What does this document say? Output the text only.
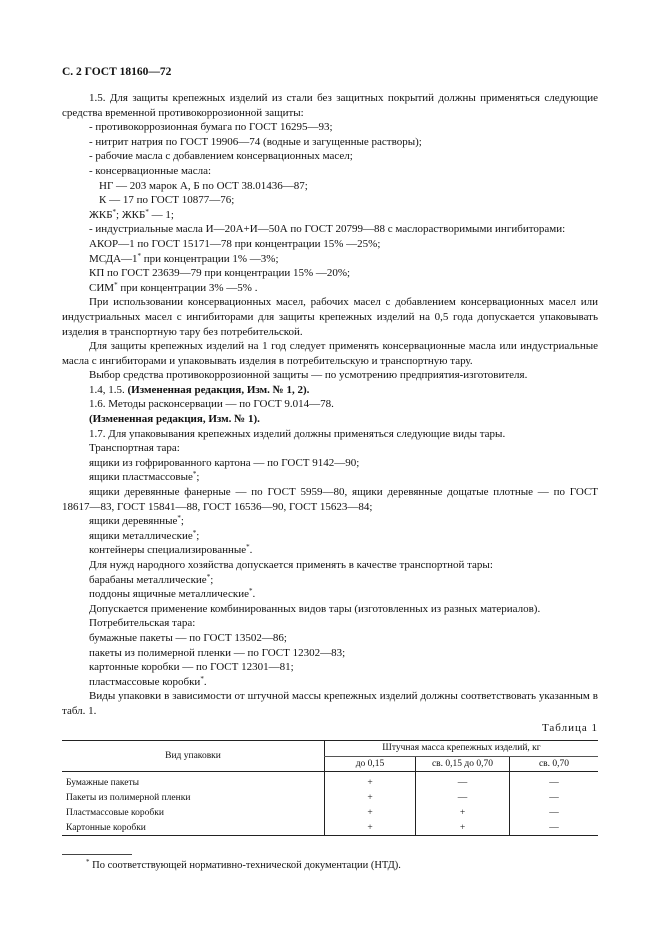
С. 2 ГОСТ 18160—72

1.5. Для защиты крепежных изделий из стали без защитных покрытий должны применяться следующие средства временной противокоррозионной защиты:

- противокоррозионная бумага по ГОСТ 16295—93;

- нитрит натрия по ГОСТ 19906—74 (водные и загущенные растворы);

- рабочие масла с добавлением консервационных масел;

- консервационные масла:

НГ — 203 марок А, Б по ОСТ 38.01436—87;

К — 17 по ГОСТ 10877—76;

ЖКБ*; ЖКБ* — 1;

- индустриальные масла И—20А+И—50А по ГОСТ 20799—88 с маслорастворимыми ингибиторами:

АКОР—1 по ГОСТ 15171—78 при концентрации 15% —25%;

МСДА—1* при концентрации 1% —3%;

КП по ГОСТ 23639—79 при концентрации 15% —20%;

СИМ* при концентрации 3% —5% .

При использовании консервационных масел, рабочих масел с добавлением консервационных масел или индустриальных масел с ингибиторами для защиты крепежных изделий на 0,5 года допускается упаковывать изделия в транспортную тару без потребительской.

Для защиты крепежных изделий на 1 год следует применять консервационные масла или индустриальные масла с ингибиторами и упаковывать изделия в потребительскую и транспортную тару.

Выбор средства противокоррозионной защиты — по усмотрению предприятия-изготовителя.

1.4, 1.5. (Измененная редакция, Изм. № 1, 2).

1.6. Методы расконсервации — по ГОСТ 9.014—78.

(Измененная редакция, Изм. № 1).

1.7. Для упаковывания крепежных изделий должны применяться следующие виды тары.

Транспортная тара:

ящики из гофрированного картона — по ГОСТ 9142—90;

ящики пластмассовые*;

ящики деревянные фанерные — по ГОСТ 5959—80, ящики деревянные дощатые плотные — по ГОСТ 18617—83, ГОСТ 15841—88, ГОСТ 16536—90, ГОСТ 15623—84;

ящики деревянные*;

ящики металлические*;

контейнеры специализированные*.

Для нужд народного хозяйства допускается применять в качестве транспортной тары:

барабаны металлические*;

поддоны ящичные металлические*.

Допускается применение комбинированных видов тары (изготовленных из разных материалов).

Потребительская тара:

бумажные пакеты — по ГОСТ 13502—86;

пакеты из полимерной пленки — по ГОСТ 12302—83;

картонные коробки — по ГОСТ 12301—81;

пластмассовые коробки*.

Виды упаковки в зависимости от штучной массы крепежных изделий должны соответствовать указанным в табл. 1.

Таблица 1
Вид упаковки	Штучная масса крепежных изделий, кг		
	до 0,15	св. 0,15 до 0,70	св. 0,70
Бумажные пакеты	+	—	—
Пакеты из полимерной пленки	+	—	—
Пластмассовые коробки	+	+	—
Картонные коробки	+	+	—
* По соответствующей нормативно-технической документации (НТД).
